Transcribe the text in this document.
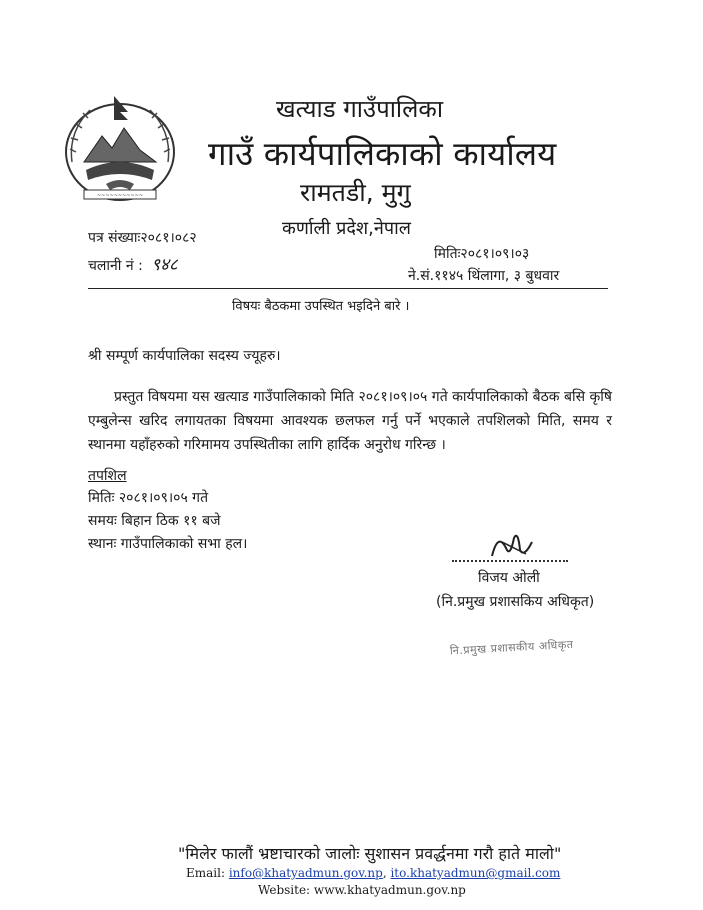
~~~~~~~~~~~
खत्याड गाउँपालिका
गाउँ कार्यपालिकाको कार्यालय
रामतडी, मुगु
कर्णाली प्रदेश,नेपाल
पत्र संख्याः२०८१।०८२
चलानी नं : ९४८
मितिः२०८१।०९।०३
ने.सं.११४५ थिंलागा, ३ बुधवार
विषयः बैठकमा उपस्थित भइदिने बारे ।
श्री सम्पूर्ण कार्यपालिका सदस्य ज्यूहरु।
प्रस्तुत विषयमा यस खत्याड गाउँपालिकाको मिति २०८१।०९।०५ गते कार्यपालिकाको बैठक बसि कृषि एम्बुलेन्स खरिद लगायतका विषयमा आवश्यक छलफल गर्नु पर्ने भएकाले तपशिलको मिति, समय र स्थानमा यहाँहरुको गरिमामय उपस्थितीका लागि हार्दिक अनुरोध गरिन्छ ।
तपशिल
मितिः २०८१।०९।०५ गते
समयः बिहान ठिक ११ बजे
स्थानः गाउँपालिकाको सभा हल।
विजय ओली
(नि.प्रमुख प्रशासकिय अधिकृत)
नि.प्रमुख प्रशासकीय अधिकृत
"मिलेर फालौं भ्रष्टाचारको जालोः सुशासन प्रवर्द्धनमा गरौ हाते मालो"
Email: info@khatyadmun.gov.np, ito.khatyadmun@gmail.com
Website: www.khatyadmun.gov.np
